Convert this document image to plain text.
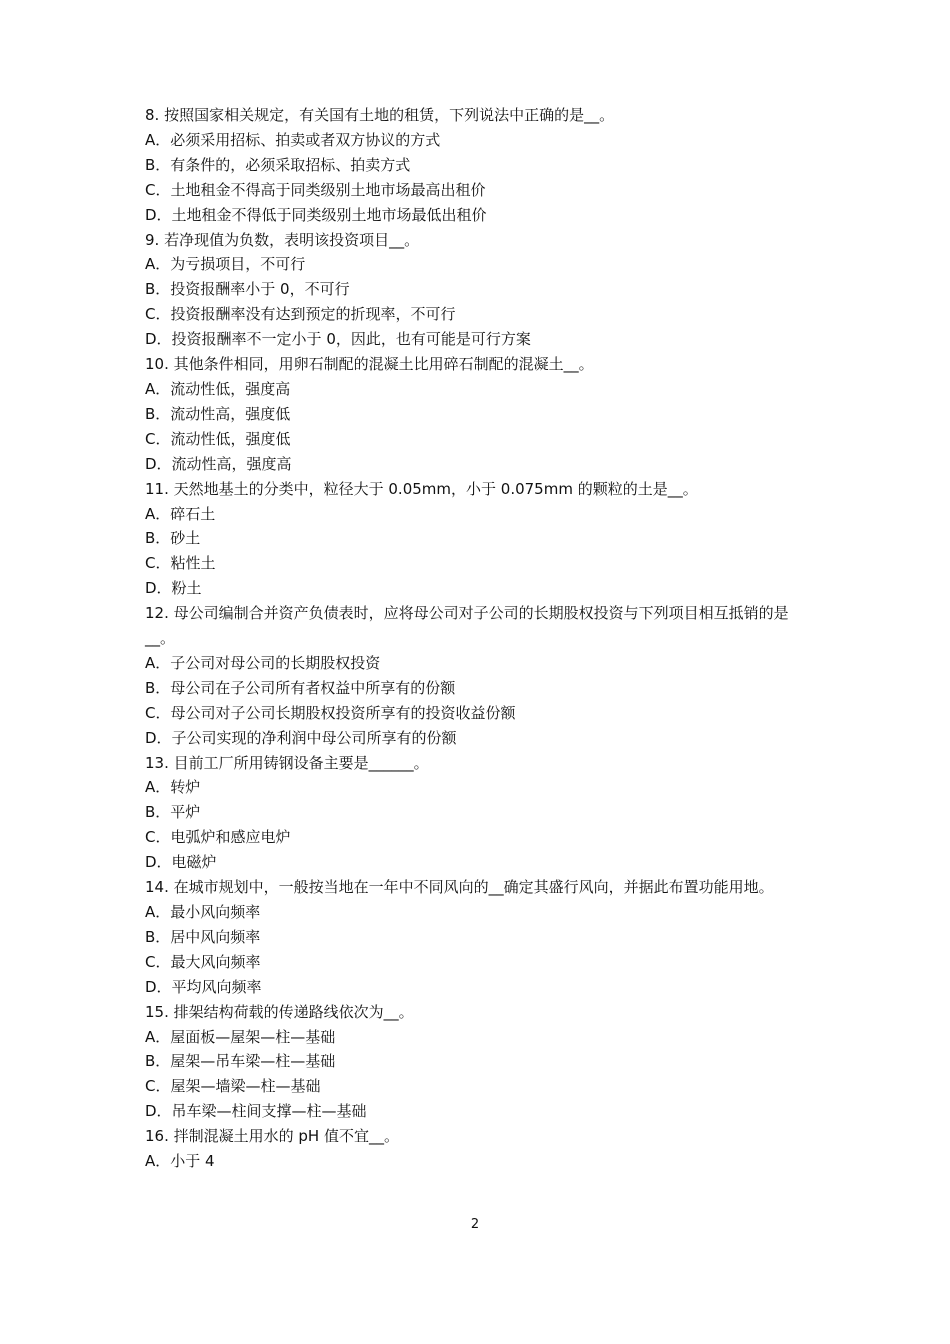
8. 按照国家相关规定，有关国有土地的租赁，下列说法中正确的是__。
A．必须采用招标、拍卖或者双方协议的方式
B．有条件的，必须采取招标、拍卖方式
C．土地租金不得高于同类级别土地市场最高出租价
D．土地租金不得低于同类级别土地市场最低出租价
9. 若净现值为负数，表明该投资项目__。
A．为亏损项目，不可行
B．投资报酬率小于 0，不可行
C．投资报酬率没有达到预定的折现率，不可行
D．投资报酬率不一定小于 0，因此，也有可能是可行方案
10. 其他条件相同，用卵石制配的混凝土比用碎石制配的混凝土__。
A．流动性低，强度高
B．流动性高，强度低
C．流动性低，强度低
D．流动性高，强度高
11. 天然地基土的分类中，粒径大于 0.05mm，小于 0.075mm 的颗粒的土是__。
A．碎石土
B．砂土
C．粘性土
D．粉土
12. 母公司编制合并资产负债表时，应将母公司对子公司的长期股权投资与下列项目相互抵销的是__。
A．子公司对母公司的长期股权投资
B．母公司在子公司所有者权益中所享有的份额
C．母公司对子公司长期股权投资所享有的投资收益份额
D．子公司实现的净利润中母公司所享有的份额
13. 目前工厂所用铸钢设备主要是______。
A．转炉
B．平炉
C．电弧炉和感应电炉
D．电磁炉
14. 在城市规划中，一般按当地在一年中不同风向的__确定其盛行风向，并据此布置功能用地。
A．最小风向频率
B．居中风向频率
C．最大风向频率
D．平均风向频率
15. 排架结构荷载的传递路线依次为__。
A．屋面板—屋架—柱—基础
B．屋架—吊车梁—柱—基础
C．屋架—墙梁—柱—基础
D．吊车梁—柱间支撑—柱—基础
16. 拌制混凝土用水的 pH 值不宜__。
A．小于 4
2
